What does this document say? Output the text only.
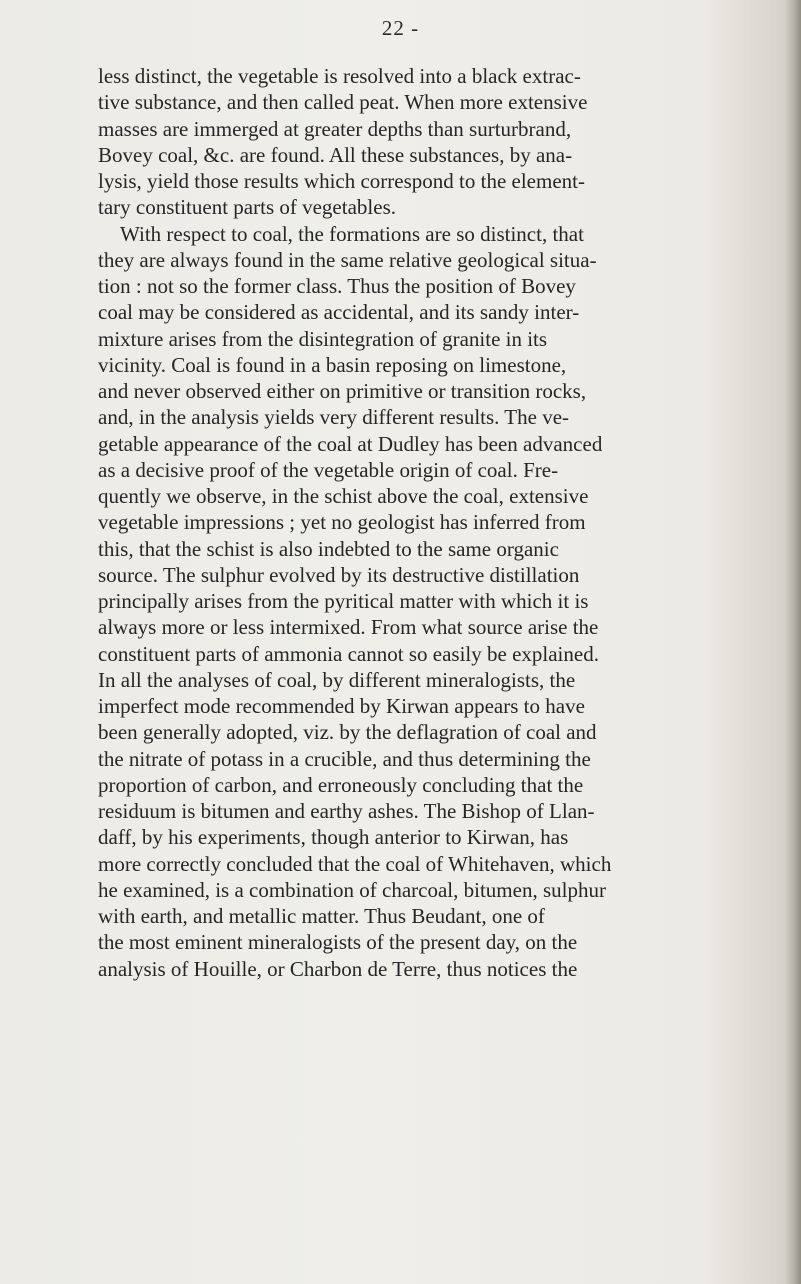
22 -

less distinct, the vegetable is resolved into a black extrac-
tive substance, and then called peat. When more extensive
masses are immerged at greater depths than surturbrand,
Bovey coal, &c. are found. All these substances, by ana-
lysis, yield those results which correspond to the element-
tary constituent parts of vegetables.
With respect to coal, the formations are so distinct, that
they are always found in the same relative geological situa-
tion : not so the former class. Thus the position of Bovey
coal may be considered as accidental, and its sandy inter-
mixture arises from the disintegration of granite in its
vicinity. Coal is found in a basin reposing on limestone,
and never observed either on primitive or transition rocks,
and, in the analysis yields very different results. The ve-
getable appearance of the coal at Dudley has been advanced
as a decisive proof of the vegetable origin of coal. Fre-
quently we observe, in the schist above the coal, extensive
vegetable impressions ; yet no geologist has inferred from
this, that the schist is also indebted to the same organic
source. The sulphur evolved by its destructive distillation
principally arises from the pyritical matter with which it is
always more or less intermixed. From what source arise the
constituent parts of ammonia cannot so easily be explained.
In all the analyses of coal, by different mineralogists, the
imperfect mode recommended by Kirwan appears to have
been generally adopted, viz. by the deflagration of coal and
the nitrate of potass in a crucible, and thus determining the
proportion of carbon, and erroneously concluding that the
residuum is bitumen and earthy ashes. The Bishop of Llan-
daff, by his experiments, though anterior to Kirwan, has
more correctly concluded that the coal of Whitehaven, which
he examined, is a combination of charcoal, bitumen, sulphur
with earth, and metallic matter. Thus Beudant, one of
the most eminent mineralogists of the present day, on the
analysis of Houille, or Charbon de Terre, thus notices the
